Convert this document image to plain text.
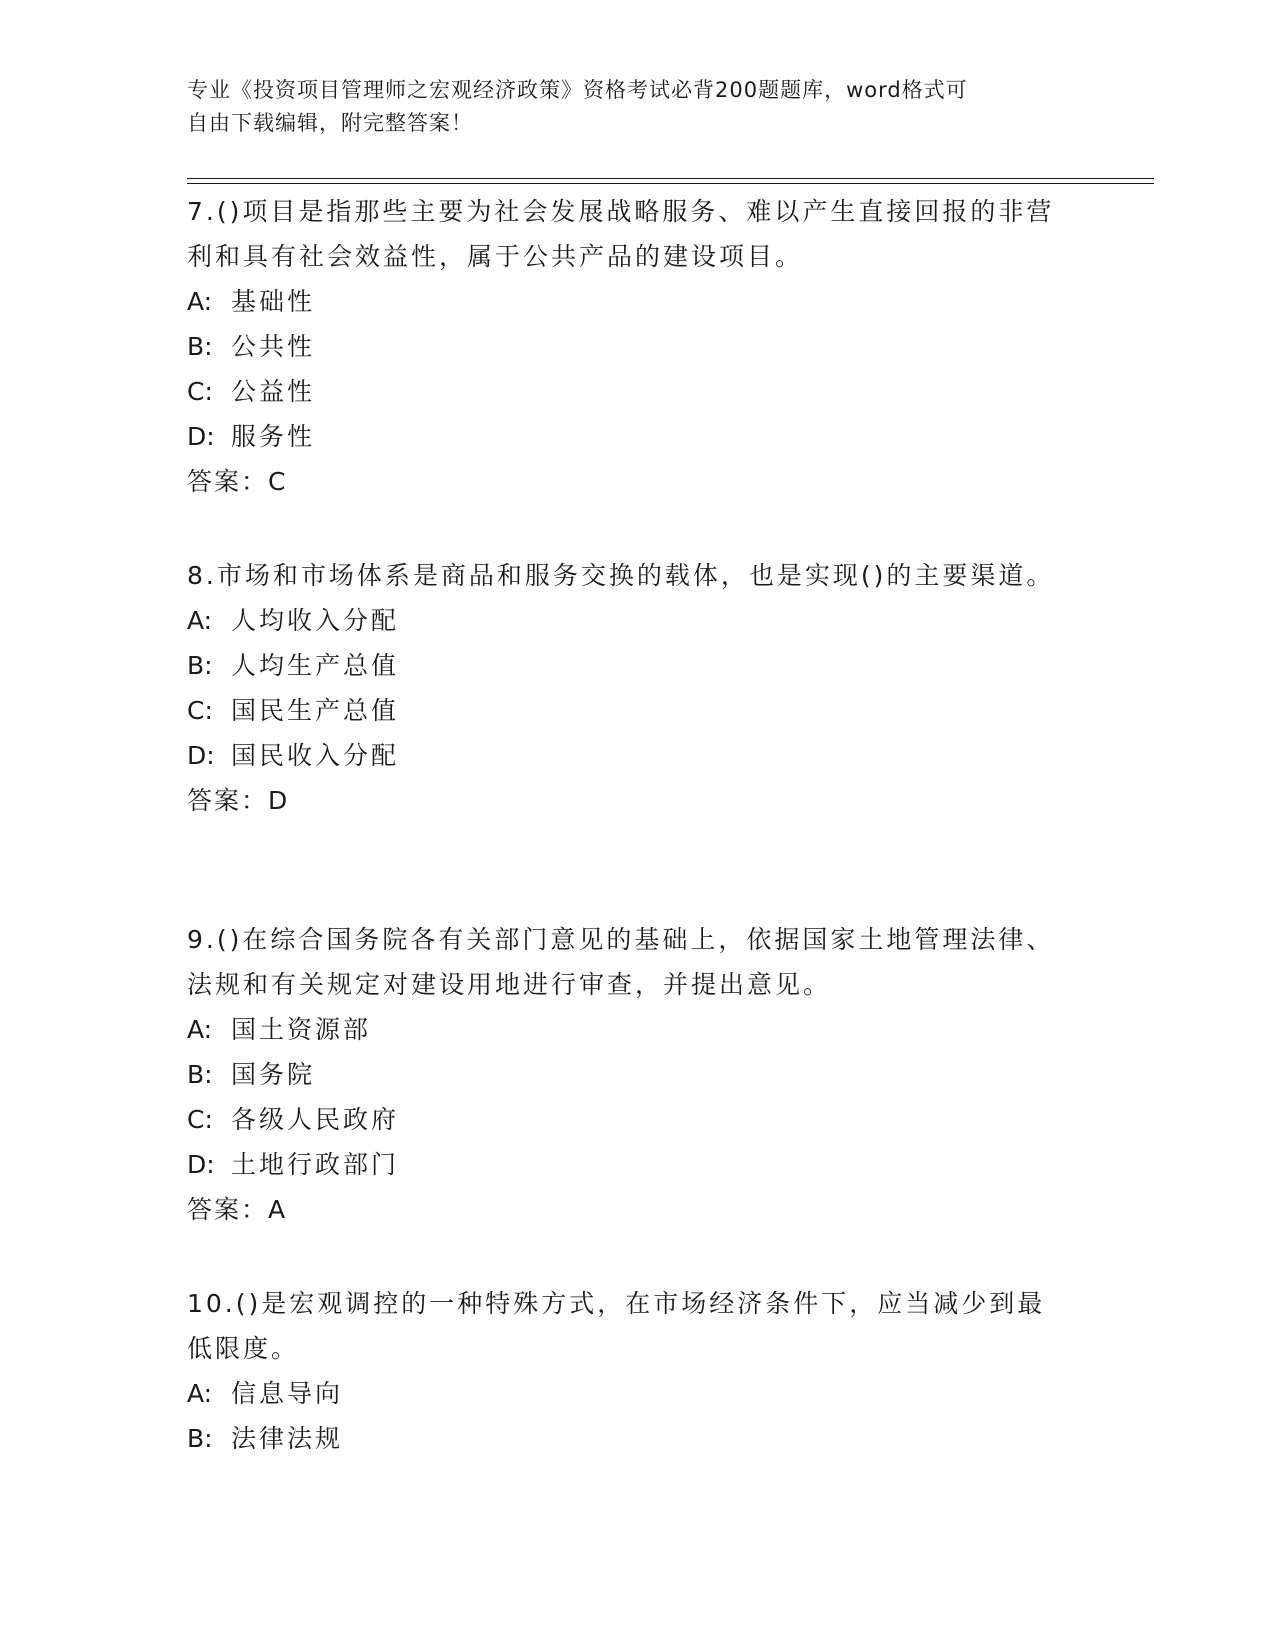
专业《投资项目管理师之宏观经济政策》资格考试必背200题题库，word格式可
自由下载编辑，附完整答案！

7.()项目是指那些主要为社会发展战略服务、难以产生直接回报的非营利和具有社会效益性，属于公共产品的建设项目。

A: 基础性
B: 公共性
C: 公益性
D: 服务性
答案：C

8.市场和市场体系是商品和服务交换的载体，也是实现()的主要渠道。

A: 人均收入分配
B: 人均生产总值
C: 国民生产总值
D: 国民收入分配
答案：D

9.()在综合国务院各有关部门意见的基础上，依据国家土地管理法律、法规和有关规定对建设用地进行审查，并提出意见。

A: 国土资源部
B: 国务院
C: 各级人民政府
D: 土地行政部门
答案：A

10.()是宏观调控的一种特殊方式，在市场经济条件下，应当减少到最低限度。

A: 信息导向
B: 法律法规
